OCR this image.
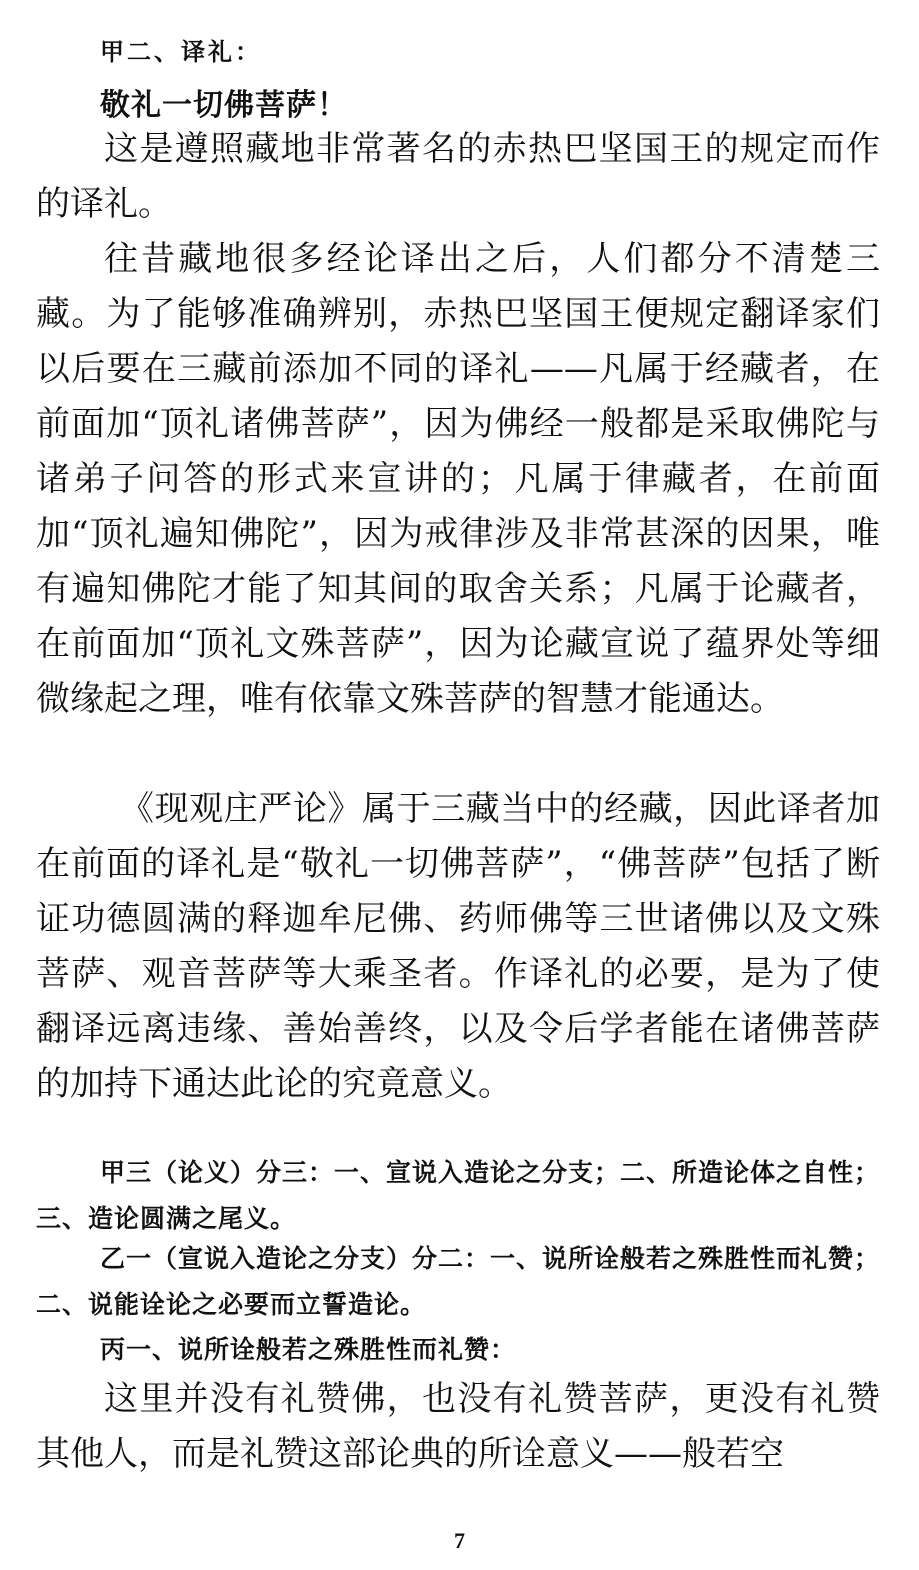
甲二、译礼：
敬礼一切佛菩萨！

这是遵照藏地非常著名的赤热巴坚国王的规定而作的译礼。

往昔藏地很多经论译出之后，人们都分不清楚三藏。为了能够准确辨别，赤热巴坚国王便规定翻译家们以后要在三藏前添加不同的译礼——凡属于经藏者，在前面加“顶礼诸佛菩萨”，因为佛经一般都是采取佛陀与诸弟子问答的形式来宣讲的；凡属于律藏者，在前面加“顶礼遍知佛陀”，因为戒律涉及非常甚深的因果，唯有遍知佛陀才能了知其间的取舍关系；凡属于论藏者，在前面加“顶礼文殊菩萨”，因为论藏宣说了蕴界处等细微缘起之理，唯有依靠文殊菩萨的智慧才能通达。

《现观庄严论》属于三藏当中的经藏，因此译者加在前面的译礼是“敬礼一切佛菩萨”，“佛菩萨”包括了断证功德圆满的释迦牟尼佛、药师佛等三世诸佛以及文殊菩萨、观音菩萨等大乘圣者。作译礼的必要，是为了使翻译远离违缘、善始善终，以及令后学者能在诸佛菩萨的加持下通达此论的究竟意义。

甲三（论义）分三：一、宣说入造论之分支；二、所造论体之自性；三、造论圆满之尾义。

乙一（宣说入造论之分支）分二：一、说所诠般若之殊胜性而礼赞；二、说能诠论之必要而立誓造论。

丙一、说所诠般若之殊胜性而礼赞：

这里并没有礼赞佛，也没有礼赞菩萨，更没有礼赞其他人，而是礼赞这部论典的所诠意义——般若空

7
